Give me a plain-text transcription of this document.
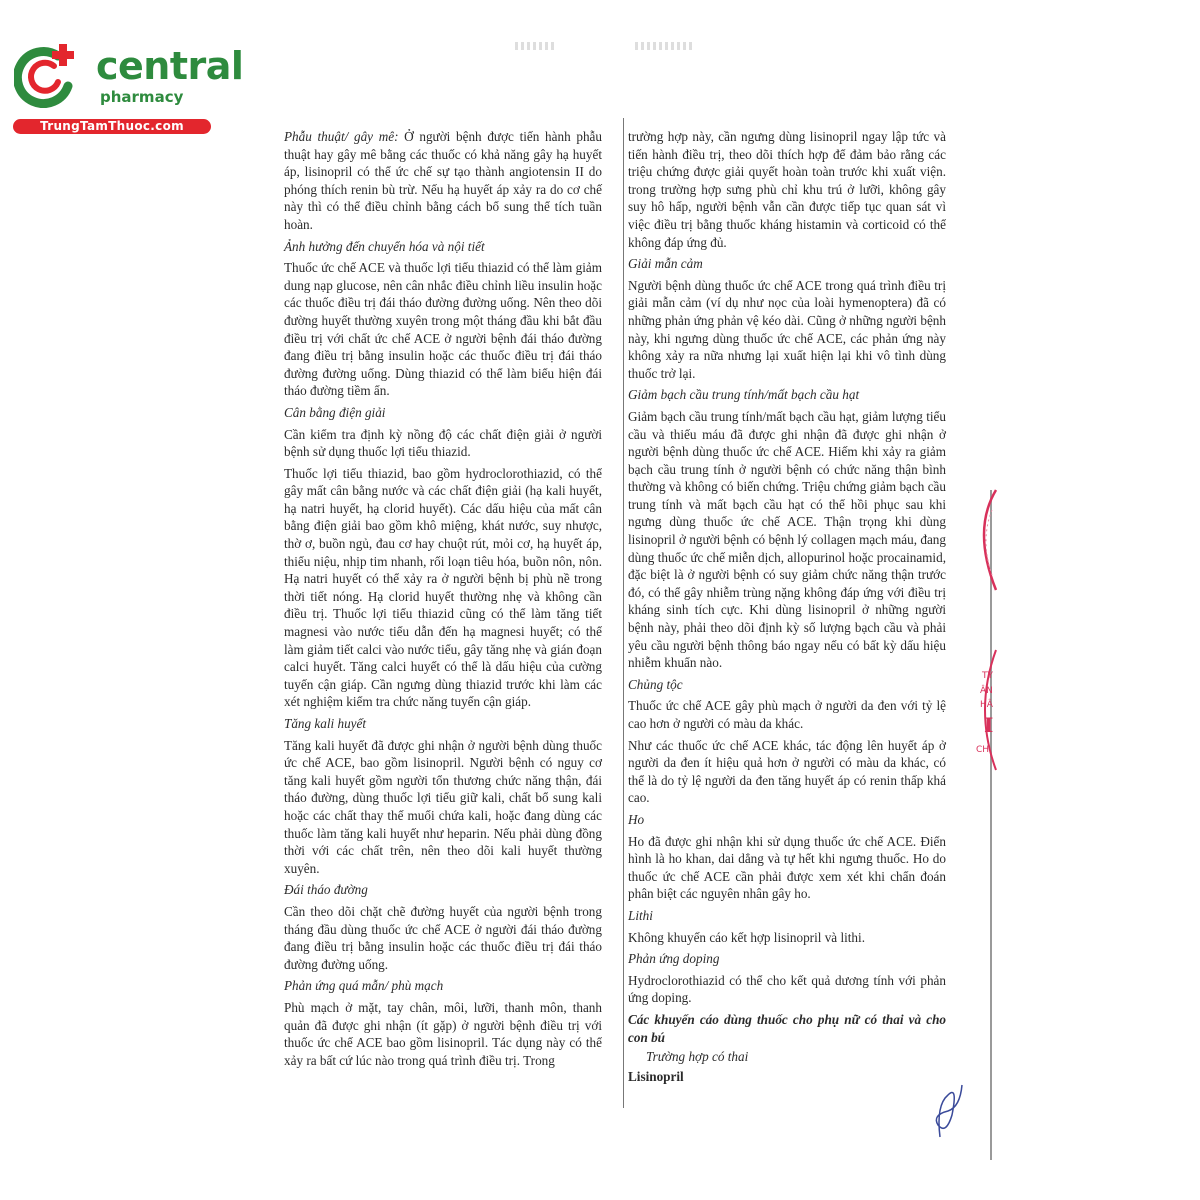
central
pharmacy
TrungTamThuoc.com

Phẫu thuật/ gây mê: Ở người bệnh được tiến hành phẫu thuật hay gây mê bằng các thuốc có khả năng gây hạ huyết áp, lisinopril có thể ức chế sự tạo thành angiotensin II do phóng thích renin bù trừ. Nếu hạ huyết áp xảy ra do cơ chế này thì có thể điều chỉnh bằng cách bổ sung thể tích tuần hoàn.

Ảnh hưởng đến chuyển hóa và nội tiết

Thuốc ức chế ACE và thuốc lợi tiểu thiazid có thể làm giảm dung nạp glucose, nên cân nhắc điều chỉnh liều insulin hoặc các thuốc điều trị đái tháo đường đường uống. Nên theo dõi đường huyết thường xuyên trong một tháng đầu khi bắt đầu điều trị với chất ức chế ACE ở người bệnh đái tháo đường đang điều trị bằng insulin hoặc các thuốc điều trị đái tháo đường đường uống. Dùng thiazid có thể làm biểu hiện đái tháo đường tiềm ẩn.

Cân bằng điện giải

Cần kiểm tra định kỳ nồng độ các chất điện giải ở người bệnh sử dụng thuốc lợi tiểu thiazid.

Thuốc lợi tiểu thiazid, bao gồm hydroclorothiazid, có thể gây mất cân bằng nước và các chất điện giải (hạ kali huyết, hạ natri huyết, hạ clorid huyết). Các dấu hiệu của mất cân bằng điện giải bao gồm khô miệng, khát nước, suy nhược, thờ ơ, buồn ngủ, đau cơ hay chuột rút, mỏi cơ, hạ huyết áp, thiểu niệu, nhịp tim nhanh, rối loạn tiêu hóa, buồn nôn, nôn. Hạ natri huyết có thể xảy ra ở người bệnh bị phù nề trong thời tiết nóng. Hạ clorid huyết thường nhẹ và không cần điều trị. Thuốc lợi tiểu thiazid cũng có thể làm tăng tiết magnesi vào nước tiểu dẫn đến hạ magnesi huyết; có thể làm giảm tiết calci vào nước tiểu, gây tăng nhẹ và gián đoạn calci huyết. Tăng calci huyết có thể là dấu hiệu của cường tuyến cận giáp. Cần ngưng dùng thiazid trước khi làm các xét nghiệm kiểm tra chức năng tuyến cận giáp.

Tăng kali huyết

Tăng kali huyết đã được ghi nhận ở người bệnh dùng thuốc ức chế ACE, bao gồm lisinopril. Người bệnh có nguy cơ tăng kali huyết gồm người tổn thương chức năng thận, đái tháo đường, dùng thuốc lợi tiểu giữ kali, chất bổ sung kali hoặc các chất thay thế muối chứa kali, hoặc đang dùng các thuốc làm tăng kali huyết như heparin. Nếu phải dùng đồng thời với các chất trên, nên theo dõi kali huyết thường xuyên.

Đái tháo đường

Cần theo dõi chặt chẽ đường huyết của người bệnh trong tháng đầu dùng thuốc ức chế ACE ở người đái tháo đường đang điều trị bằng insulin hoặc các thuốc điều trị đái tháo đường đường uống.

Phản ứng quá mẫn/ phù mạch

Phù mạch ở mặt, tay chân, môi, lưỡi, thanh môn, thanh quản đã được ghi nhận (ít gặp) ở người bệnh điều trị với thuốc ức chế ACE bao gồm lisinopril. Tác dụng này có thể xảy ra bất cứ lúc nào trong quá trình điều trị. Trong

trường hợp này, cần ngưng dùng lisinopril ngay lập tức và tiến hành điều trị, theo dõi thích hợp để đảm bảo rằng các triệu chứng được giải quyết hoàn toàn trước khi xuất viện. trong trường hợp sưng phù chỉ khu trú ở lưỡi, không gây suy hô hấp, người bệnh vẫn cần được tiếp tục quan sát vì việc điều trị bằng thuốc kháng histamin và corticoid có thể không đáp ứng đủ.

Giải mẫn cảm

Người bệnh dùng thuốc ức chế ACE trong quá trình điều trị giải mẫn cảm (ví dụ như nọc của loài hymenoptera) đã có những phản ứng phản vệ kéo dài. Cũng ở những người bệnh này, khi ngưng dùng thuốc ức chế ACE, các phản ứng này không xảy ra nữa nhưng lại xuất hiện lại khi vô tình dùng thuốc trở lại.

Giảm bạch cầu trung tính/mất bạch cầu hạt

Giảm bạch cầu trung tính/mất bạch cầu hạt, giảm lượng tiểu cầu và thiếu máu đã được ghi nhận đã được ghi nhận ở người bệnh dùng thuốc ức chế ACE. Hiếm khi xảy ra giảm bạch cầu trung tính ở người bệnh có chức năng thận bình thường và không có biến chứng. Triệu chứng giảm bạch cầu trung tính và mất bạch cầu hạt có thể hồi phục sau khi ngưng dùng thuốc ức chế ACE. Thận trọng khi dùng lisinopril ở người bệnh có bệnh lý collagen mạch máu, đang dùng thuốc ức chế miễn dịch, allopurinol hoặc procainamid, đặc biệt là ở người bệnh có suy giảm chức năng thận trước đó, có thể gây nhiễm trùng nặng không đáp ứng với điều trị kháng sinh tích cực. Khi dùng lisinopril ở những người bệnh này, phải theo dõi định kỳ số lượng bạch cầu và phải yêu cầu người bệnh thông báo ngay nếu có bất kỳ dấu hiệu nhiễm khuẩn nào.

Chủng tộc

Thuốc ức chế ACE gây phù mạch ở người da đen với tỷ lệ cao hơn ở người có màu da khác.

Như các thuốc ức chế ACE khác, tác động lên huyết áp ở người da đen ít hiệu quả hơn ở người có màu da khác, có thể là do tỷ lệ người da đen tăng huyết áp có renin thấp khá cao.

Ho

Ho đã được ghi nhận khi sử dụng thuốc ức chế ACE. Điển hình là ho khan, dai dẳng và tự hết khi ngưng thuốc. Ho do thuốc ức chế ACE cần phải được xem xét khi chẩn đoán phân biệt các nguyên nhân gây ho.

Lithi

Không khuyến cáo kết hợp lisinopril và lithi.

Phản ứng doping

Hydroclorothiazid có thể cho kết quả dương tính với phản ứng doping.

Các khuyến cáo dùng thuốc cho phụ nữ có thai và cho con bú
Trường hợp có thai
Lisinopril
TY
ÂN
HÂ
I
CH
